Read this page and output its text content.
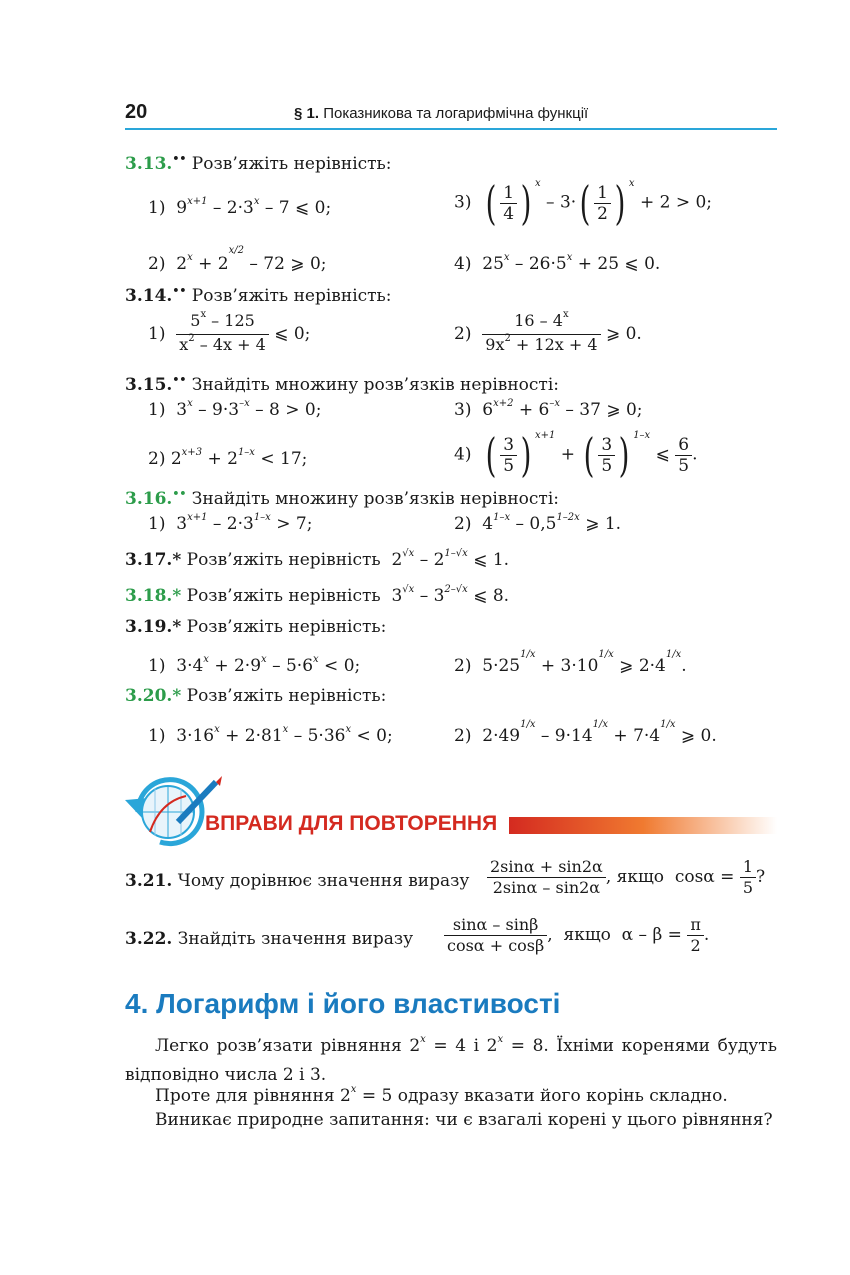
20	§ 1. Показникова та логарифмічна функції
3.13.•• Розв’яжіть нерівність:
1)  $9^{x+1} - 2\cdot 3^x - 7$ ⩽ 0;	3)  ( $\frac{1}{4}$ ) $^x - 3\cdot( \frac{1}{2}$ ) $^x$ + 2 > 0;
2)  $2^x + 2^{x/2} - 72$ ⩾ 0;	4)  $25^x - 26\cdot 5^x + 25$ ⩽ 0.
3.14.•• Розв’яжіть нерівність:
$1) \frac{5^x - 125}{x^2 - 4x + 4}$ ⩽ 0;	$2) \frac{16 - 4^x}{9x^2 + 12x + 4}$ ⩾ 0.
3.15.•• Знайдіть множину розв’язків нерівності:
1)  $3^x - 9\cdot 3^{-x} - 8 > 0$;	3)  $6^{x+2} + 6^{-x} - 37$ ⩾ 0;
2) $2^{x+3} + 2^{1-x} < 17$;	4)  ( $\frac{3}{5}$ ) $^{x+1}$ + ( $\frac{3}{5}$ ) $^{1-x}$ ⩽ $\frac{6}{5}$ .
3.16.•• Знайдіть множину розв’язків нерівності:
1)  $3^{x+1} - 2\cdot 3^{1-x} > 7$;	2)  $4^{1-x} - 0,5^{1-2x}$ ⩾ 1.
3.17.* Розв’яжіть нерівність  $2^{√x} - 2^{1-√x}$ ⩽ 1.
3.18.* Розв’яжіть нерівність  $3^{√x} - 3^{2-√x}$ ⩽ 8.
3.19.* Розв’яжіть нерівність:
1)  $3\cdot 4^x + 2\cdot 9^x - 5\cdot 6^x < 0$;	2)  $5\cdot 25^{1/x} + 3\cdot 10^{1/x}$ ⩾ $2\cdot 4^{1/x}$.
3.20.* Розв’яжіть нерівність:
1)  $3\cdot 16^x + 2\cdot 81^x - 5\cdot 36^x < 0$;	2)  $2\cdot 49^{1/x} - 9\cdot 14^{1/x} + 7\cdot 4^{1/x}$ ⩾ 0.
ВПРАВИ ДЛЯ ПОВТОРЕННЯ
3.21. Чому дорівнює значення виразу $\frac{2\sin\alpha + \sin 2\alpha}{2\sin\alpha - \sin 2\alpha}$ , якщо  $\cos\alpha = \frac{1}{5}$ ?
3.22. Знайдіть значення виразу $\frac{\sin\alpha - \sin\beta}{\cos\alpha + \cos\beta}$ ,  якщо  $\alpha - \beta = \frac{\pi}{2}$ .
4. Логарифм і його властивості
Легко розв’язати рівняння $2^x = 4$ і $2^x = 8$. Їхніми коренями будуть відповідно числа 2 і 3.
Проте для рівняння $2^x = 5$ одразу вказати його корінь складно.
Виникає природне запитання: чи є взагалі корені у цього рівняння?
